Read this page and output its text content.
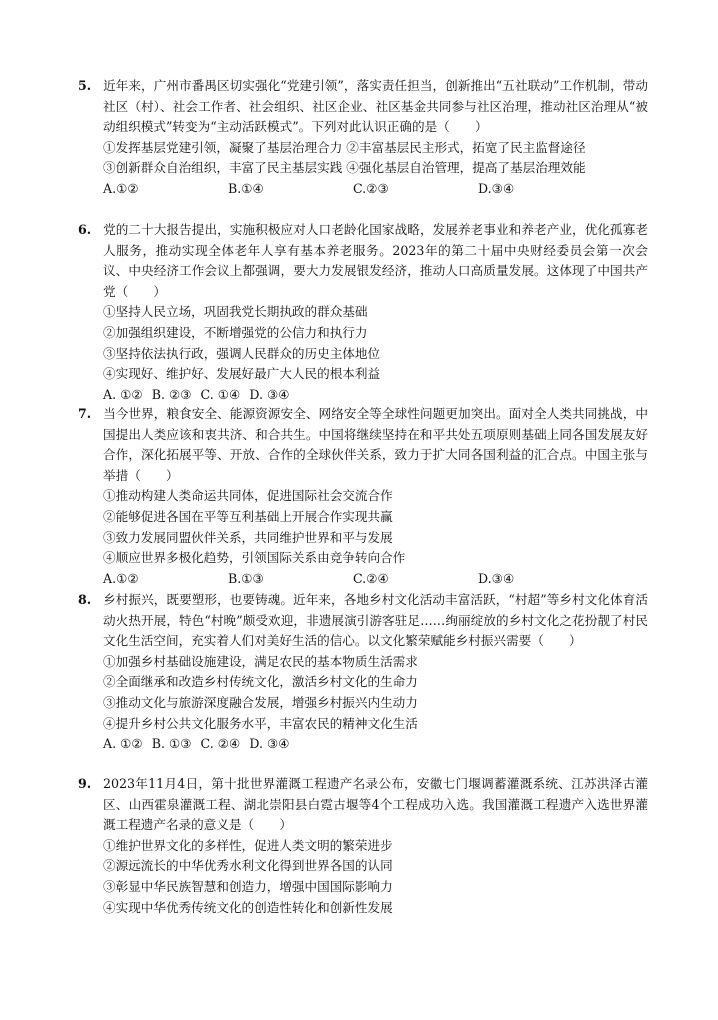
5. 近年来，广州市番禺区切实强化“党建引领”，落实责任担当，创新推出“五社联动”工作机制，带动社区（村）、社会工作者、社会组织、社区企业、社区基金共同参与社区治理，推动社区治理从“被动组织模式”转变为“主动活跃模式”。下列对此认识正确的是（　　）

①发挥基层党建引领，凝聚了基层治理合力 ②丰富基层民主形式，拓宽了民主监督途径

③创新群众自治组织，丰富了民主基层实践 ④强化基层自治管理，提高了基层治理效能

A.①②	B.①④	C.②③	D.③④

6. 党的二十大报告提出，实施积极应对人口老龄化国家战略，发展养老事业和养老产业，优化孤寡老人服务，推动实现全体老年人享有基本养老服务。2023年的第二十届中央财经委员会第一次会议、中央经济工作会议上都强调，要大力发展银发经济，推动人口高质量发展。这体现了中国共产党（　　）

①坚持人民立场，巩固我党长期执政的群众基础

②加强组织建设，不断增强党的公信力和执行力

③坚持依法执行政，强调人民群众的历史主体地位

④实现好、维护好、发展好最广大人民的根本利益

A. ①② B. ②③ C. ①④ D. ③④

7. 当今世界，粮食安全、能源资源安全、网络安全等全球性问题更加突出。面对全人类共同挑战，中国提出人类应该和衷共济、和合共生。中国将继续坚持在和平共处五项原则基础上同各国发展友好合作，深化拓展平等、开放、合作的全球伙伴关系，致力于扩大同各国利益的汇合点。中国主张与举措（　　）

①推动构建人类命运共同体，促进国际社会交流合作

②能够促进各国在平等互利基础上开展合作实现共赢

③致力发展同盟伙伴关系，共同维护世界和平与发展

④顺应世界多极化趋势，引领国际关系由竞争转向合作

A.①②	B.①③	C.②④	D.③④

8. 乡村振兴，既要塑形，也要铸魂。近年来，各地乡村文化活动丰富活跃，“村超”等乡村文化体育活动火热开展，特色“村晚”颇受欢迎，非遗展演引游客驻足……绚丽绽放的乡村文化之花扮靓了村民文化生活空间，充实着人们对美好生活的信心。以文化繁荣赋能乡村振兴需要（　　）

①加强乡村基础设施建设，满足农民的基本物质生活需求

②全面继承和改造乡村传统文化，激活乡村文化的生命力

③推动文化与旅游深度融合发展，增强乡村振兴内生动力

④提升乡村公共文化服务水平，丰富农民的精神文化生活

A. ①② B. ①③ C. ②④ D. ③④

9. 2023年11月4日，第十批世界灌溉工程遗产名录公布，安徽七门堰调蓄灌溉系统、江苏洪泽古灌区、山西霍泉灌溉工程、湖北崇阳县白霓古堰等4个工程成功入选。我国灌溉工程遗产入选世界灌溉工程遗产名录的意义是（　　）

①维护世界文化的多样性，促进人类文明的繁荣进步

②源远流长的中华优秀水利文化得到世界各国的认同

③彰显中华民族智慧和创造力，增强中国国际影响力

④实现中华优秀传统文化的创造性转化和创新性发展
